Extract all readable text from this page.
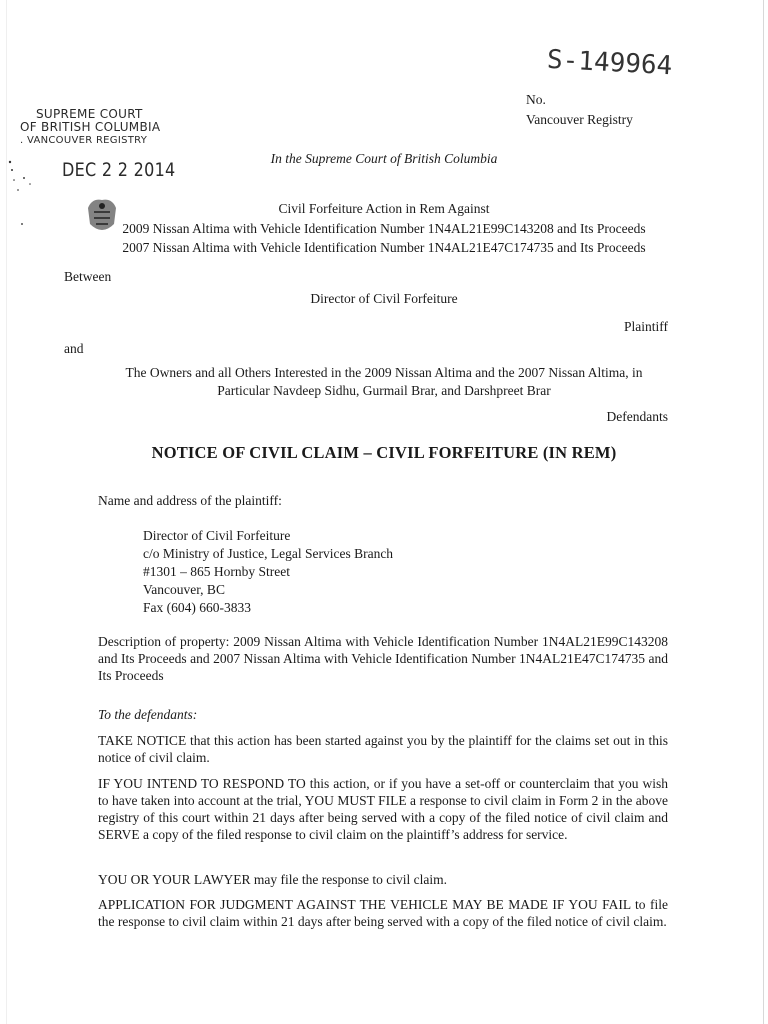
SUPREME COURT
OF BRITISH COLUMBIA
. VANCOUVER REGISTRY
DEC 2 2 2014
S-149964
No.
Vancouver Registry
In the Supreme Court of British Columbia
Civil Forfeiture Action in Rem Against
2009 Nissan Altima with Vehicle Identification Number 1N4AL21E99C143208 and Its Proceeds
2007 Nissan Altima with Vehicle Identification Number 1N4AL21E47C174735 and Its Proceeds
Between
Director of Civil Forfeiture
Plaintiff
and
The Owners and all Others Interested in the 2009 Nissan Altima and the 2007 Nissan Altima, in
Particular Navdeep Sidhu, Gurmail Brar, and Darshpreet Brar
Defendants
NOTICE OF CIVIL CLAIM – CIVIL FORFEITURE (IN REM)
Name and address of the plaintiff:
Director of Civil Forfeiture
c/o Ministry of Justice, Legal Services Branch
#1301 – 865 Hornby Street
Vancouver, BC
Fax (604) 660-3833
Description of property: 2009 Nissan Altima with Vehicle Identification Number 1N4AL21E99C143208 and Its Proceeds and 2007 Nissan Altima with Vehicle Identification Number 1N4AL21E47C174735 and Its Proceeds
To the defendants:
TAKE NOTICE that this action has been started against you by the plaintiff for the claims set out in this notice of civil claim.
IF YOU INTEND TO RESPOND TO this action, or if you have a set-off or counterclaim that you wish to have taken into account at the trial, YOU MUST FILE a response to civil claim in Form 2 in the above registry of this court within 21 days after being served with a copy of the filed notice of civil claim and SERVE a copy of the filed response to civil claim on the plaintiff’s address for service.
YOU OR YOUR LAWYER may file the response to civil claim.
APPLICATION FOR JUDGMENT AGAINST THE VEHICLE MAY BE MADE IF YOU FAIL to file the response to civil claim within 21 days after being served with a copy of the filed notice of civil claim.
